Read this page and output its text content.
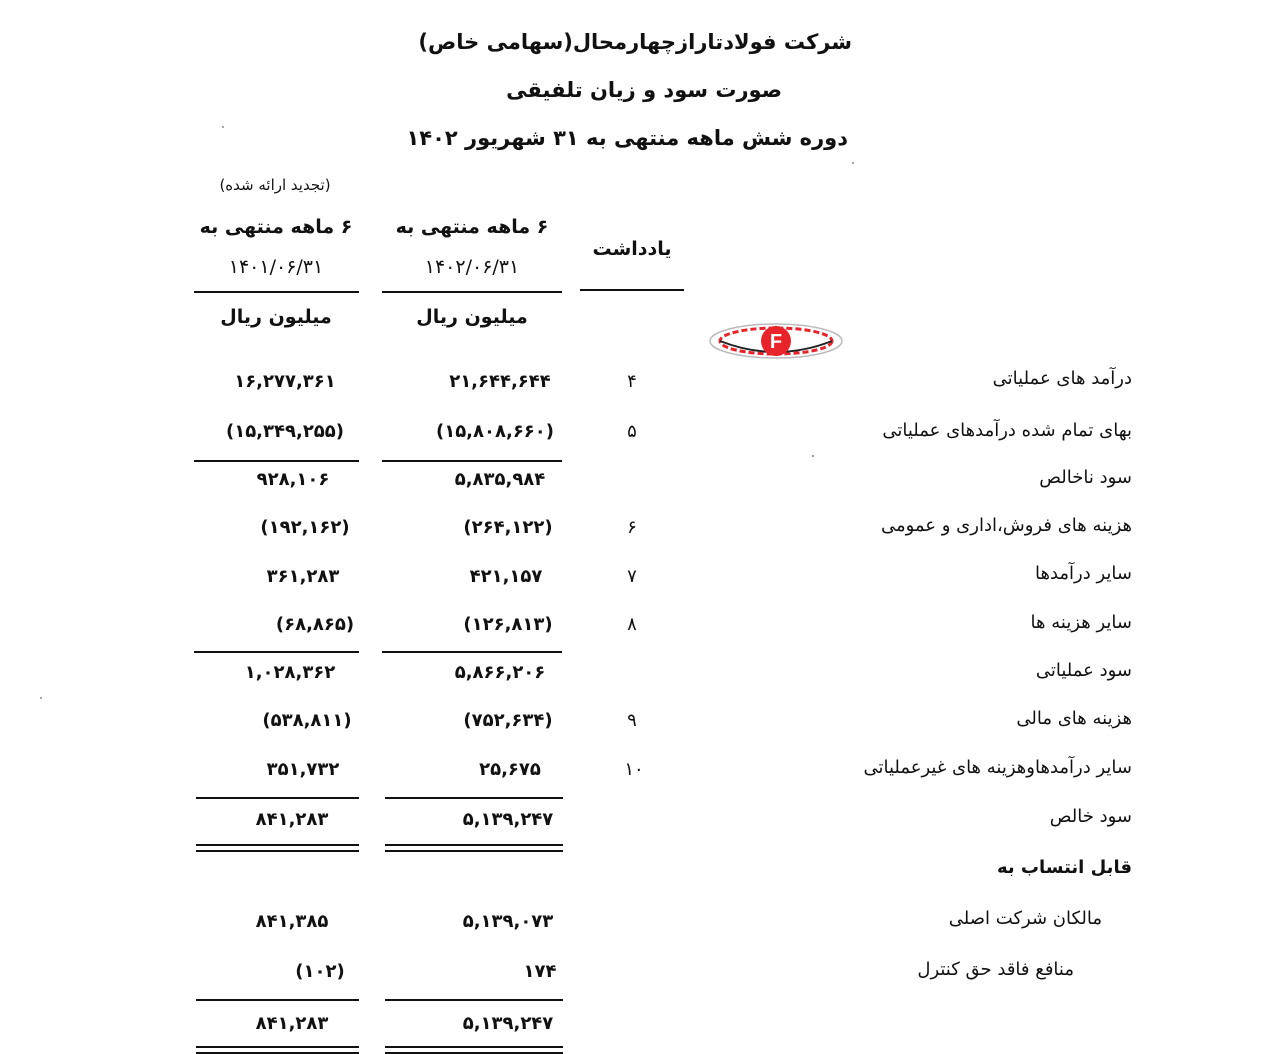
شرکت فولادتارازچهارمحال(سهامی خاص)
صورت سود و زیان تلفیقی
دوره شش ماهه منتهی به ۳۱ شهریور ۱۴۰۲
(تجدید ارائه شده)
۶ ماهه منتهی به
۱۴۰۱/۰۶/۳۱
۶ ماهه منتهی به
۱۴۰۲/۰۶/۳۱
یادداشت
میلیون ریال	میلیون ریال
F
درآمد های عملیاتی
۴
۲۱,۶۴۴,۶۴۴
۱۶,۲۷۷,۳۶۱
بهای تمام شده درآمدهای عملیاتی
۵
(۱۵,۸۰۸,۶۶۰)
(۱۵,۳۴۹,۲۵۵)
سود ناخالص
۵,۸۳۵,۹۸۴
۹۲۸,۱۰۶
هزینه های فروش،اداری و عمومی
۶
(۲۶۴,۱۲۲)
(۱۹۲,۱۶۲)
سایر درآمدها
۷
۴۲۱,۱۵۷
۳۶۱,۲۸۳
سایر هزینه ها
۸
(۱۲۶,۸۱۳)
(۶۸,۸۶۵)
سود عملیاتی
۵,۸۶۶,۲۰۶
۱,۰۲۸,۳۶۲
هزینه های مالی
۹
(۷۵۲,۶۳۴)
(۵۳۸,۸۱۱)
سایر درآمدهاوهزینه های غیرعملیاتی
۱۰
۲۵,۶۷۵
۳۵۱,۷۳۲
سود خالص
۵,۱۳۹,۲۴۷
۸۴۱,۲۸۳
قابل انتساب به
مالکان شرکت اصلی
۵,۱۳۹,۰۷۳
۸۴۱,۳۸۵
منافع فاقد حق کنترل
۱۷۴
(۱۰۲)
۵,۱۳۹,۲۴۷
۸۴۱,۲۸۳
